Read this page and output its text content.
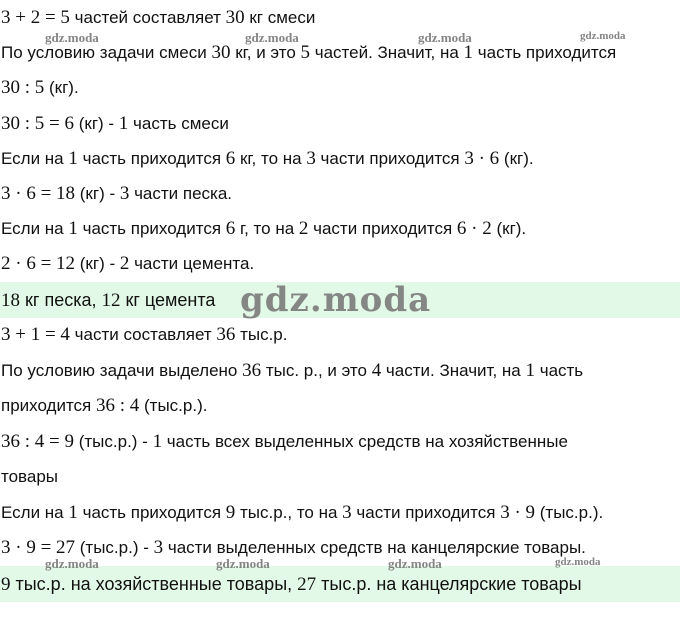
gdz.moda	gdz.moda	gdz.moda	gdz.moda
gdz.moda	gdz.moda	gdz.moda	gdz.moda
3 + 2 = 5 частей составляет 30 кг смеси
По условию задачи смеси 30 кг, и это 5 частей. Значит, на 1 часть приходится
30 : 5 (кг).
30 : 5 = 6 (кг) - 1 часть смеси
Если на 1 часть приходится 6 кг, то на 3 части приходится 3 · 6 (кг).
3 · 6 = 18 (кг) - 3 части песка.
Если на 1 часть приходится 6 г, то на 2 части приходится 6 · 2 (кг).
2 · 6 = 12 (кг) - 2 части цемента.
18 кг песка, 12 кг цемента gdz.moda
3 + 1 = 4 части составляет 36 тыс.р.
По условию задачи выделено 36 тыс. р., и это 4 части. Значит, на 1 часть
приходится 36 : 4 (тыс.р.).
36 : 4 = 9 (тыс.р.) - 1 часть всех выделенных средств на хозяйственные
товары
Если на 1 часть приходится 9 тыс.р., то на 3 части приходится 3 · 9 (тыс.р.).
3 · 9 = 27 (тыс.р.) - 3 части выделенных средств на канцелярские товары.
9 тыс.р. на хозяйственные товары, 27 тыс.р. на канцелярские товары
